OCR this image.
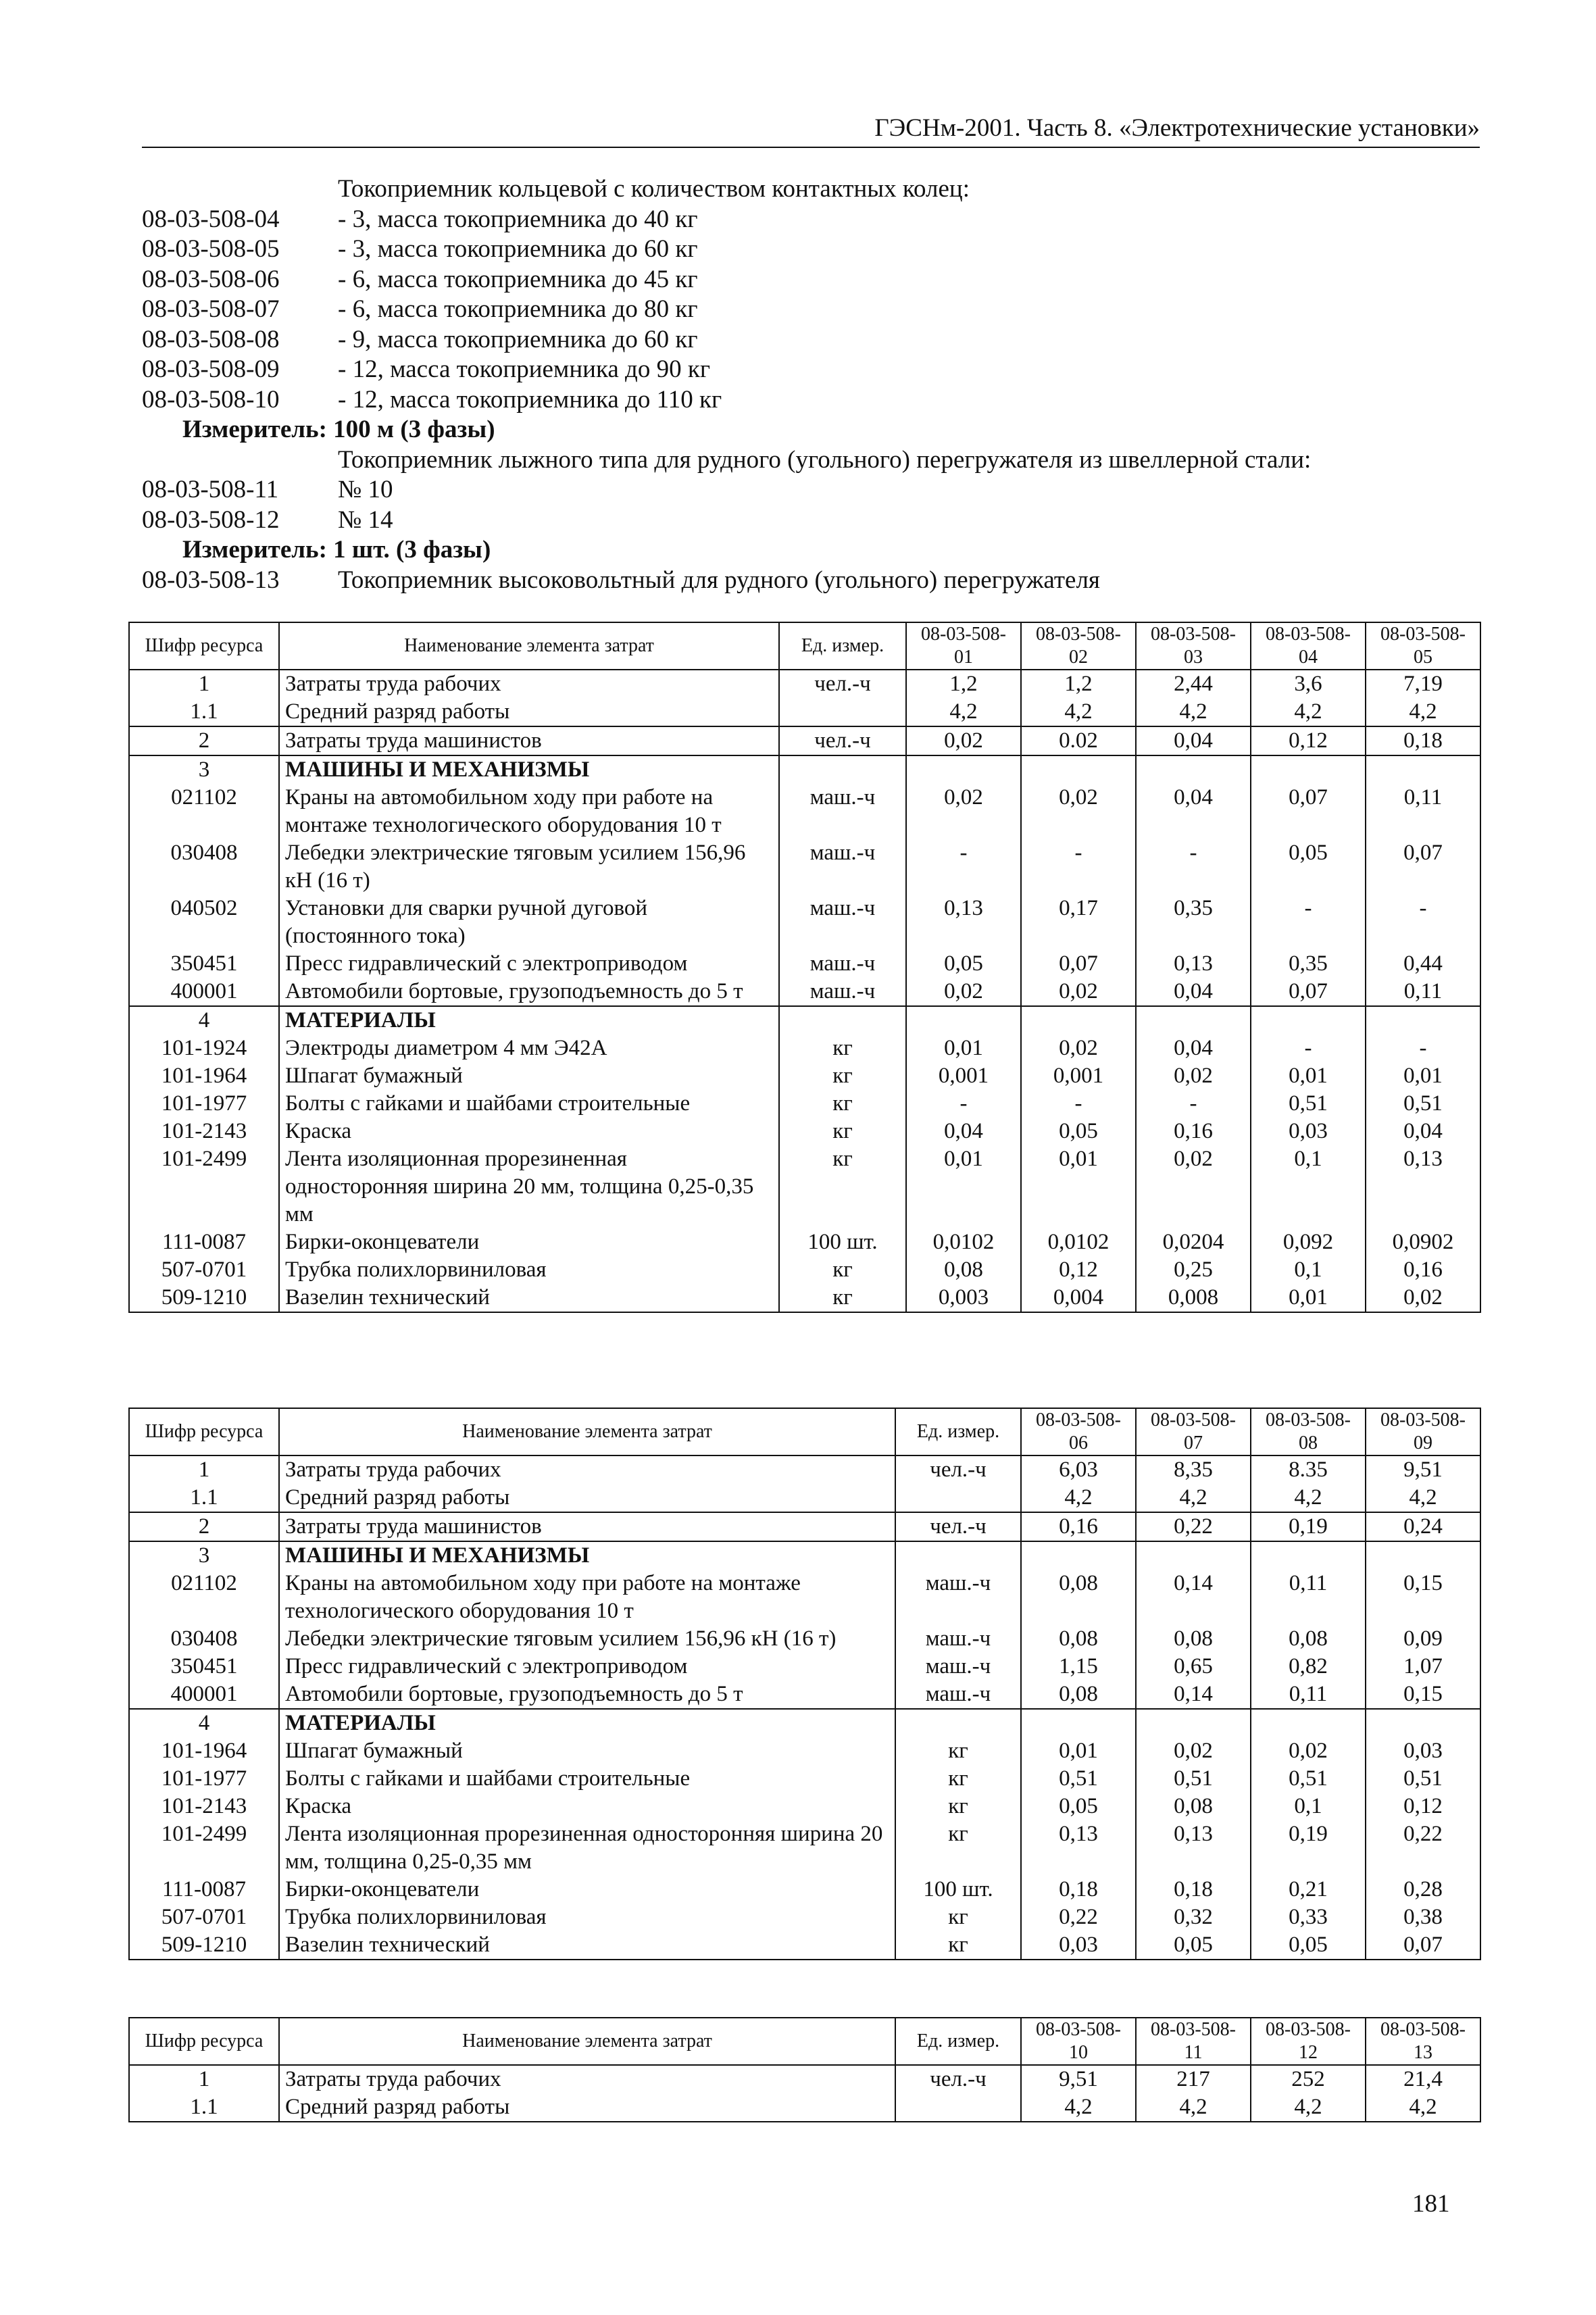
ГЭСНм-2001. Часть 8. «Электротехнические установки»
Токоприемник кольцевой с количеством контактных колец:
08-03-508-04 - 3, масса токоприемника до 40 кг
08-03-508-05 - 3, масса токоприемника до 60 кг
08-03-508-06 - 6, масса токоприемника до 45 кг
08-03-508-07 - 6, масса токоприемника до 80 кг
08-03-508-08 - 9, масса токоприемника до 60 кг
08-03-508-09 - 12, масса токоприемника до 90 кг
08-03-508-10 - 12, масса токоприемника до 110 кг
Измеритель: 100 м (3 фазы)
Токоприемник лыжного типа для рудного (угольного) перегружателя из швеллерной стали:
08-03-508-11 № 10
08-03-508-12 № 14
Измеритель: 1 шт. (3 фазы)
08-03-508-13 Токоприемник высоковольтный для рудного (угольного) перегружателя
Шифр ресурса	Наименование элемента затрат	Ед. измер.	08-03-508-01	08-03-508-02	08-03-508-03	08-03-508-04	08-03-508-05
1	Затраты труда рабочих	чел.-ч	1,2	1,2	2,44	3,6	7,19
1.1	Средний разряд работы		4,2	4,2	4,2	4,2	4,2
2	Затраты труда машинистов	чел.-ч	0,02	0.02	0,04	0,12	0,18
3	МАШИНЫ И МЕХАНИЗМЫ						
021102	Краны на автомобильном ходу при работе на монтаже технологического оборудования 10 т	маш.-ч	0,02	0,02	0,04	0,07	0,11
030408	Лебедки электрические тяговым усилием 156,96 кН (16 т)	маш.-ч	-	-	-	0,05	0,07
040502	Установки для сварки ручной дуговой (постоянного тока)	маш.-ч	0,13	0,17	0,35	-	-
350451	Пресс гидравлический с электроприводом	маш.-ч	0,05	0,07	0,13	0,35	0,44
400001	Автомобили бортовые, грузоподъемность до 5 т	маш.-ч	0,02	0,02	0,04	0,07	0,11
4	МАТЕРИАЛЫ						
101-1924	Электроды диаметром 4 мм Э42А	кг	0,01	0,02	0,04	-	-
101-1964	Шпагат бумажный	кг	0,001	0,001	0,02	0,01	0,01
101-1977	Болты с гайками и шайбами строительные	кг	-	-	-	0,51	0,51
101-2143	Краска	кг	0,04	0,05	0,16	0,03	0,04
101-2499	Лента изоляционная прорезиненная односторонняя ширина 20 мм, толщина 0,25-0,35 мм	кг	0,01	0,01	0,02	0,1	0,13
111-0087	Бирки-оконцеватели	100 шт.	0,0102	0,0102	0,0204	0,092	0,0902
507-0701	Трубка полихлорвиниловая	кг	0,08	0,12	0,25	0,1	0,16
509-1210	Вазелин технический	кг	0,003	0,004	0,008	0,01	0,02
Шифр ресурса	Наименование элемента затрат	Ед. измер.	08-03-508-06	08-03-508-07	08-03-508-08	08-03-508-09
1	Затраты труда рабочих	чел.-ч	6,03	8,35	8.35	9,51
1.1	Средний разряд работы		4,2	4,2	4,2	4,2
2	Затраты труда машинистов	чел.-ч	0,16	0,22	0,19	0,24
3	МАШИНЫ И МЕХАНИЗМЫ					
021102	Краны на автомобильном ходу при работе на монтаже технологического оборудования 10 т	маш.-ч	0,08	0,14	0,11	0,15
030408	Лебедки электрические тяговым усилием 156,96 кН (16 т)	маш.-ч	0,08	0,08	0,08	0,09
350451	Пресс гидравлический с электроприводом	маш.-ч	1,15	0,65	0,82	1,07
400001	Автомобили бортовые, грузоподъемность до 5 т	маш.-ч	0,08	0,14	0,11	0,15
4	МАТЕРИАЛЫ					
101-1964	Шпагат бумажный	кг	0,01	0,02	0,02	0,03
101-1977	Болты с гайками и шайбами строительные	кг	0,51	0,51	0,51	0,51
101-2143	Краска	кг	0,05	0,08	0,1	0,12
101-2499	Лента изоляционная прорезиненная односторонняя ширина 20 мм, толщина 0,25-0,35 мм	кг	0,13	0,13	0,19	0,22
111-0087	Бирки-оконцеватели	100 шт.	0,18	0,18	0,21	0,28
507-0701	Трубка полихлорвиниловая	кг	0,22	0,32	0,33	0,38
509-1210	Вазелин технический	кг	0,03	0,05	0,05	0,07
Шифр ресурса	Наименование элемента затрат	Ед. измер.	08-03-508-10	08-03-508-11	08-03-508-12	08-03-508-13
1	Затраты труда рабочих	чел.-ч	9,51	217	252	21,4
1.1	Средний разряд работы		4,2	4,2	4,2	4,2
181
